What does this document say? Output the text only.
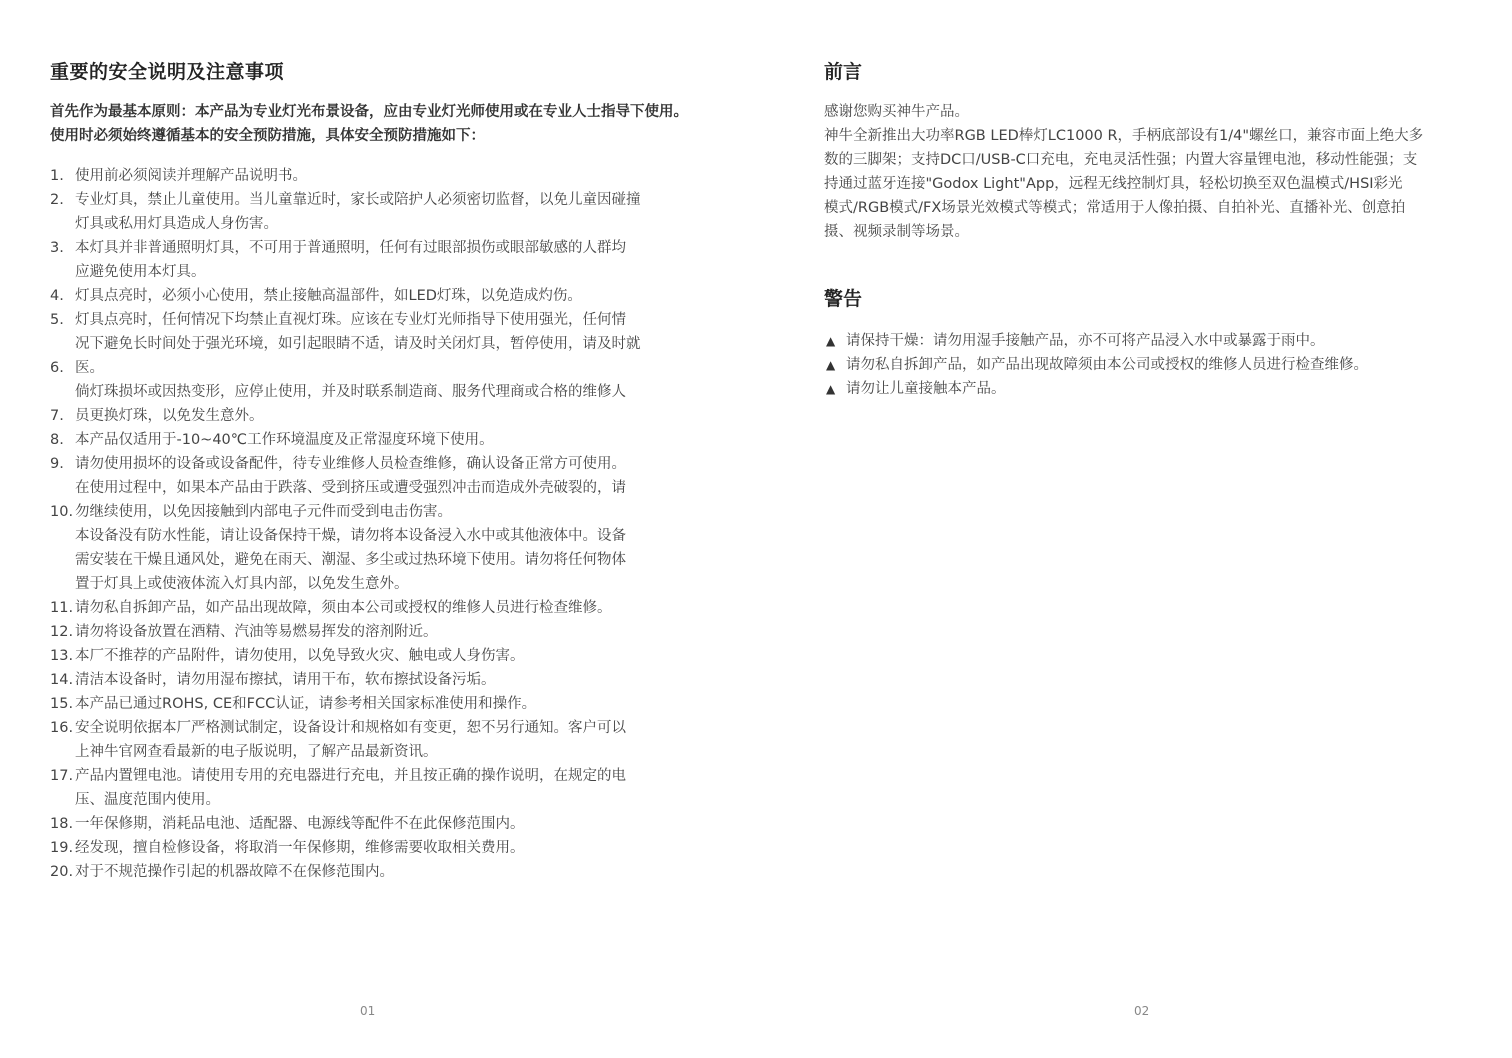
重要的安全说明及注意事项

首先作为最基本原则：本产品为专业灯光布景设备，应由专业灯光师使用或在专业人士指导下使用。使用时必须始终遵循基本的安全预防措施，具体安全预防措施如下：

1. 使用前必须阅读并理解产品说明书。
2. 专业灯具，禁止儿童使用。当儿童靠近时，家长或陪护人必须密切监督，以免儿童因碰撞
灯具或私用灯具造成人身伤害。
3. 本灯具并非普通照明灯具，不可用于普通照明，任何有过眼部损伤或眼部敏感的人群均
应避免使用本灯具。
4. 灯具点亮时，必须小心使用，禁止接触高温部件，如LED灯珠，以免造成灼伤。
5. 灯具点亮时，任何情况下均禁止直视灯珠。应该在专业灯光师指导下使用强光，任何情
况下避免长时间处于强光环境，如引起眼睛不适，请及时关闭灯具，暂停使用，请及时就
6. 医。
倘灯珠损坏或因热变形，应停止使用，并及时联系制造商、服务代理商或合格的维修人
7. 员更换灯珠，以免发生意外。
8. 本产品仅适用于-10~40℃工作环境温度及正常湿度环境下使用。
9. 请勿使用损坏的设备或设备配件，待专业维修人员检查维修，确认设备正常方可使用。
在使用过程中，如果本产品由于跌落、受到挤压或遭受强烈冲击而造成外壳破裂的，请
10. 勿继续使用，以免因接触到内部电子元件而受到电击伤害。
本设备没有防水性能，请让设备保持干燥，请勿将本设备浸入水中或其他液体中。设备
需安装在干燥且通风处，避免在雨天、潮湿、多尘或过热环境下使用。请勿将任何物体
置于灯具上或使液体流入灯具内部，以免发生意外。
11. 请勿私自拆卸产品，如产品出现故障，须由本公司或授权的维修人员进行检查维修。
12. 请勿将设备放置在酒精、汽油等易燃易挥发的溶剂附近。
13. 本厂不推荐的产品附件，请勿使用，以免导致火灾、触电或人身伤害。
14. 清洁本设备时，请勿用湿布擦拭，请用干布，软布擦拭设备污垢。
15. 本产品已通过ROHS, CE和FCC认证，请参考相关国家标准使用和操作。
16. 安全说明依据本厂严格测试制定，设备设计和规格如有变更，恕不另行通知。客户可以
上神牛官网查看最新的电子版说明，了解产品最新资讯。
17. 产品内置锂电池。请使用专用的充电器进行充电，并且按正确的操作说明，在规定的电
压、温度范围内使用。
18. 一年保修期，消耗品电池、适配器、电源线等配件不在此保修范围内。
19. 经发现，擅自检修设备，将取消一年保修期，维修需要收取相关费用。
20. 对于不规范操作引起的机器故障不在保修范围内。
01
前言

感谢您购买神牛产品。

神牛全新推出大功率RGB LED棒灯LC1000 R，手柄底部设有1/4"螺丝口，兼容市面上绝大多
数的三脚架；支持DC口/USB-C口充电，充电灵活性强；内置大容量锂电池，移动性能强；支
持通过蓝牙连接"Godox Light"App，远程无线控制灯具，轻松切换至双色温模式/HSI彩光
模式/RGB模式/FX场景光效模式等模式；常适用于人像拍摄、自拍补光、直播补光、创意拍
摄、视频录制等场景。

警告
▲ 请保持干燥：请勿用湿手接触产品，亦不可将产品浸入水中或暴露于雨中。
▲ 请勿私自拆卸产品，如产品出现故障须由本公司或授权的维修人员进行检查维修。
▲ 请勿让儿童接触本产品。
02
